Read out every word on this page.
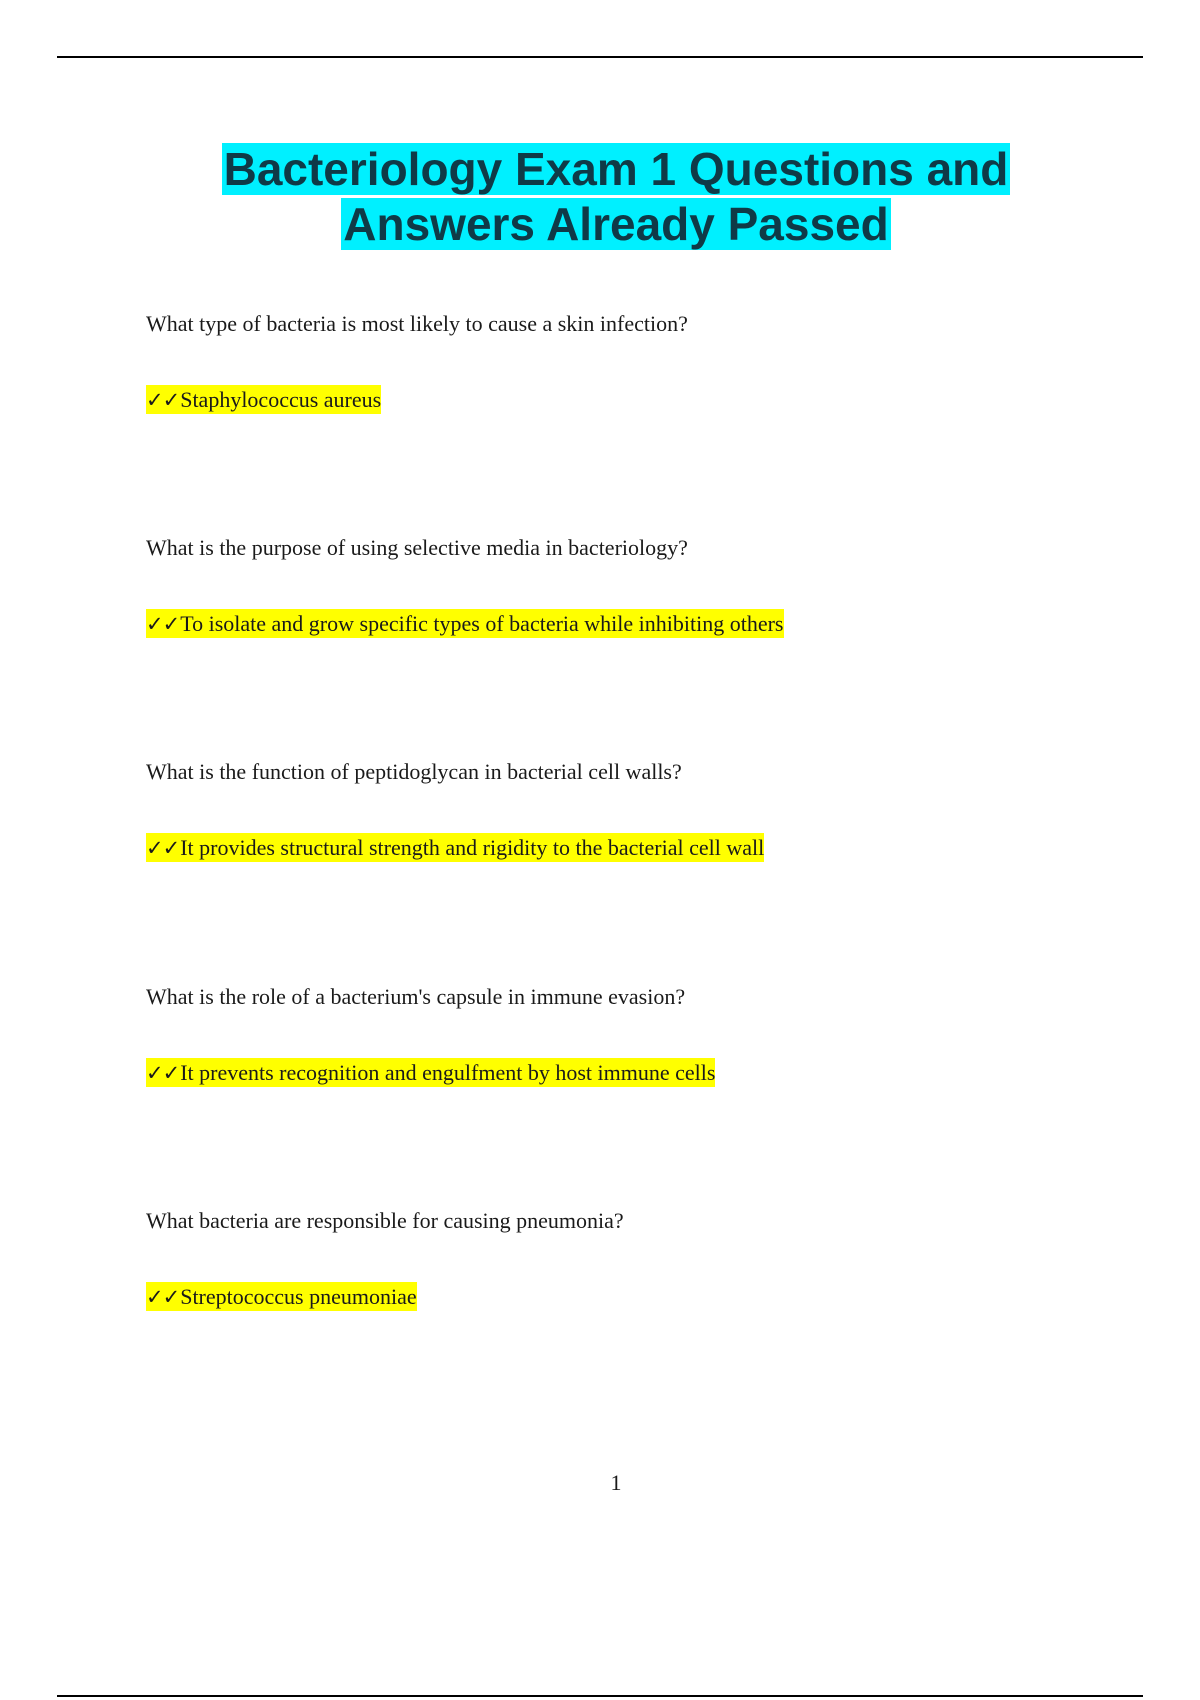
Bacteriology Exam 1 Questions and
Answers Already Passed

What type of bacteria is most likely to cause a skin infection?

✓✓Staphylococcus aureus

What is the purpose of using selective media in bacteriology?

✓✓To isolate and grow specific types of bacteria while inhibiting others

What is the function of peptidoglycan in bacterial cell walls?

✓✓It provides structural strength and rigidity to the bacterial cell wall

What is the role of a bacterium's capsule in immune evasion?

✓✓It prevents recognition and engulfment by host immune cells

What bacteria are responsible for causing pneumonia?

✓✓Streptococcus pneumoniae
1
